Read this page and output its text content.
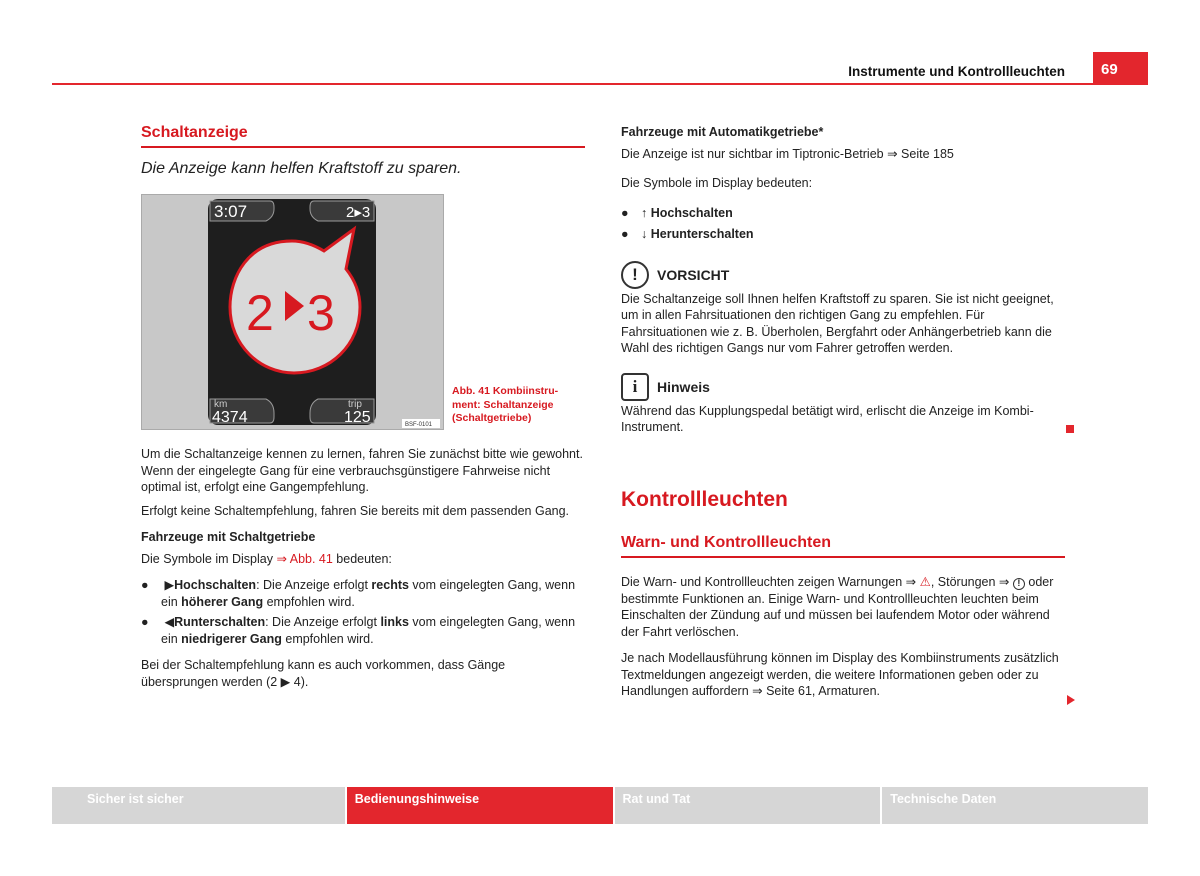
Instrumente und Kontrollleuchten	69
Schaltanzeige
Die Anzeige kann helfen Kraftstoff zu sparen.
3:07	2▸3
2 3
km
4374
trip
125	BSF-0101
Abb. 41 Kombiinstru-ment: Schaltanzeige (Schaltgetriebe)

Um die Schaltanzeige kennen zu lernen, fahren Sie zunächst bitte wie gewohnt. Wenn der eingelegte Gang für eine verbrauchsgünstigere Fahrweise nicht optimal ist, erfolgt eine Gangempfehlung.

Erfolgt keine Schaltempfehlung, fahren Sie bereits mit dem passenden Gang.

Fahrzeuge mit Schaltgetriebe

Die Symbole im Display ⇒ Abb. 41 bedeuten:

● ▶Hochschalten: Die Anzeige erfolgt rechts vom eingelegten Gang, wenn ein höherer Gang empfohlen wird.
● ◀Runterschalten: Die Anzeige erfolgt links vom eingelegten Gang, wenn ein niedrigerer Gang empfohlen wird.

Bei der Schaltempfehlung kann es auch vorkommen, dass Gänge übersprungen werden (2 ▶ 4).

Fahrzeuge mit Automatikgetriebe*

Die Anzeige ist nur sichtbar im Tiptronic-Betrieb ⇒ Seite 185

Die Symbole im Display bedeuten:

● ↑ Hochschalten
● ↓ Herunterschalten
! VORSICHT

Die Schaltanzeige soll Ihnen helfen Kraftstoff zu sparen. Sie ist nicht geeignet, um in allen Fahrsituationen den richtigen Gang zu empfehlen. Für Fahrsituationen wie z. B. Überholen, Bergfahrt oder Anhängerbetrieb kann die Wahl des richtigen Gangs nur vom Fahrer getroffen werden.

i Hinweis

Während das Kupplungspedal betätigt wird, erlischt die Anzeige im Kombi-Instrument.

Kontrollleuchten
Warn- und Kontrollleuchten

Die Warn- und Kontrollleuchten zeigen Warnungen ⇒ ⚠, Störungen ⇒ ! oder bestimmte Funktionen an. Einige Warn- und Kontrollleuchten leuchten beim Einschalten der Zündung auf und müssen bei laufendem Motor oder während der Fahrt verlöschen.

Je nach Modellausführung können im Display des Kombiinstruments zusätzlich Textmeldungen angezeigt werden, die weitere Informationen geben oder zu Handlungen auffordern ⇒ Seite 61, Armaturen.

Sicher ist sicher	Bedienungshinweise	Rat und Tat	Technische Daten
